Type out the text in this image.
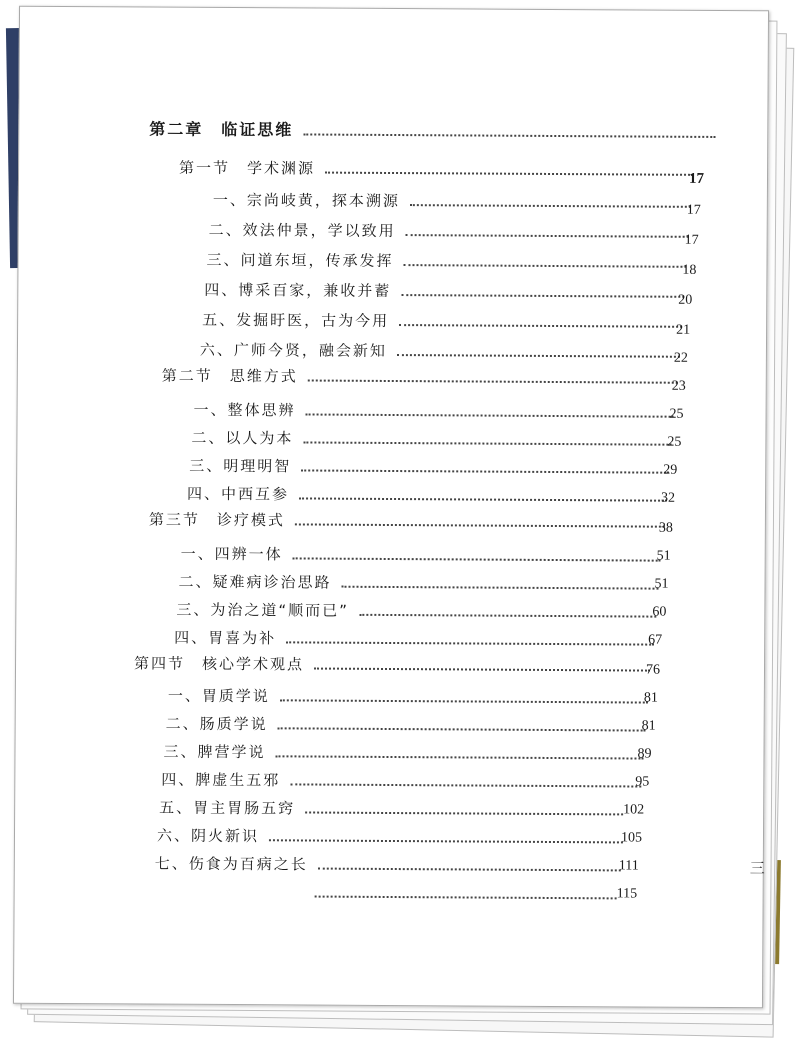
三
第二章　临证思维
第一节　学术渊源
一、宗尚岐黄，探本溯源
二、效法仲景，学以致用
三、问道东垣，传承发挥
四、博采百家，兼收并蓄
五、发掘盱医，古为今用
六、广师今贤，融会新知
第二节　思维方式
一、整体思辨
二、以人为本
三、明理明智
四、中西互参
第三节　诊疗模式
一、四辨一体
二、疑难病诊治思路
三、为治之道“顺而已”
四、胃喜为补
第四节　核心学术观点
一、胃质学说
二、肠质学说
三、脾营学说
四、脾虚生五邪
五、胃主胃肠五窍
六、阴火新识
七、伤食为百病之长
17
17
17
18
20
21
22
23
25
25
29
32
38
51
51
60
67
76
81
81
89
95
102
105
111
115
